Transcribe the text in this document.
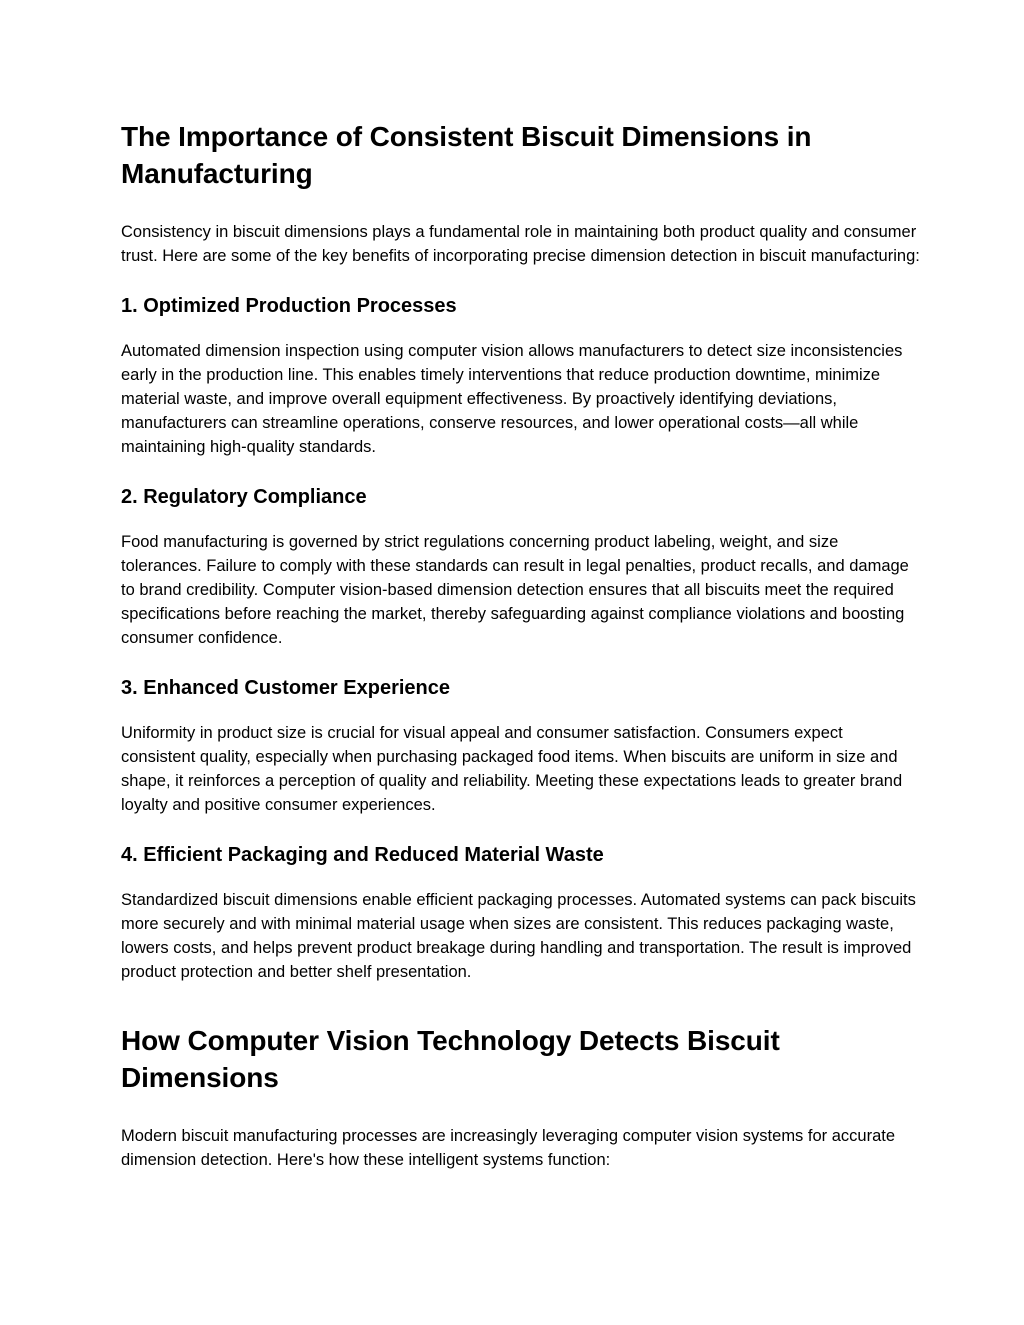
The Importance of Consistent Biscuit Dimensions in Manufacturing

Consistency in biscuit dimensions plays a fundamental role in maintaining both product quality and consumer trust. Here are some of the key benefits of incorporating precise dimension detection in biscuit manufacturing:

1. Optimized Production Processes

Automated dimension inspection using computer vision allows manufacturers to detect size inconsistencies early in the production line. This enables timely interventions that reduce production downtime, minimize material waste, and improve overall equipment effectiveness. By proactively identifying deviations, manufacturers can streamline operations, conserve resources, and lower operational costs—all while maintaining high-quality standards.

2. Regulatory Compliance

Food manufacturing is governed by strict regulations concerning product labeling, weight, and size tolerances. Failure to comply with these standards can result in legal penalties, product recalls, and damage to brand credibility. Computer vision-based dimension detection ensures that all biscuits meet the required specifications before reaching the market, thereby safeguarding against compliance violations and boosting consumer confidence.

3. Enhanced Customer Experience

Uniformity in product size is crucial for visual appeal and consumer satisfaction. Consumers expect consistent quality, especially when purchasing packaged food items. When biscuits are uniform in size and shape, it reinforces a perception of quality and reliability. Meeting these expectations leads to greater brand loyalty and positive consumer experiences.

4. Efficient Packaging and Reduced Material Waste

Standardized biscuit dimensions enable efficient packaging processes. Automated systems can pack biscuits more securely and with minimal material usage when sizes are consistent. This reduces packaging waste, lowers costs, and helps prevent product breakage during handling and transportation. The result is improved product protection and better shelf presentation.

How Computer Vision Technology Detects Biscuit Dimensions

Modern biscuit manufacturing processes are increasingly leveraging computer vision systems for accurate dimension detection. Here's how these intelligent systems function:
